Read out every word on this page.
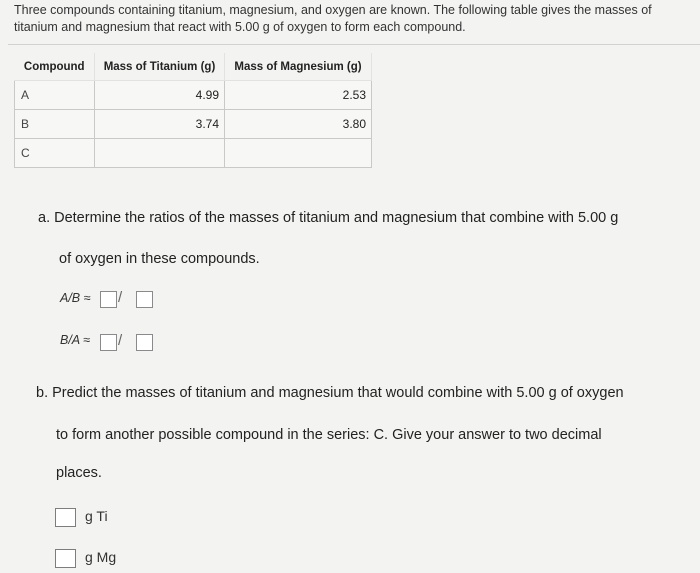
Three compounds containing titanium, magnesium, and oxygen are known. The following table gives the masses of
titanium and magnesium that react with 5.00 g of oxygen to form each compound.
Compound	Mass of Titanium (g)	Mass of Magnesium (g)
A	4.99	2.53
B	3.74	3.80
C		
a. Determine the ratios of the masses of titanium and magnesium that combine with 5.00 g
of oxygen in these compounds.
A/B ≈ /
B/A ≈ /
b. Predict the masses of titanium and magnesium that would combine with 5.00 g of oxygen
to form another possible compound in the series: C. Give your answer to two decimal
places.
g Ti
g Mg
